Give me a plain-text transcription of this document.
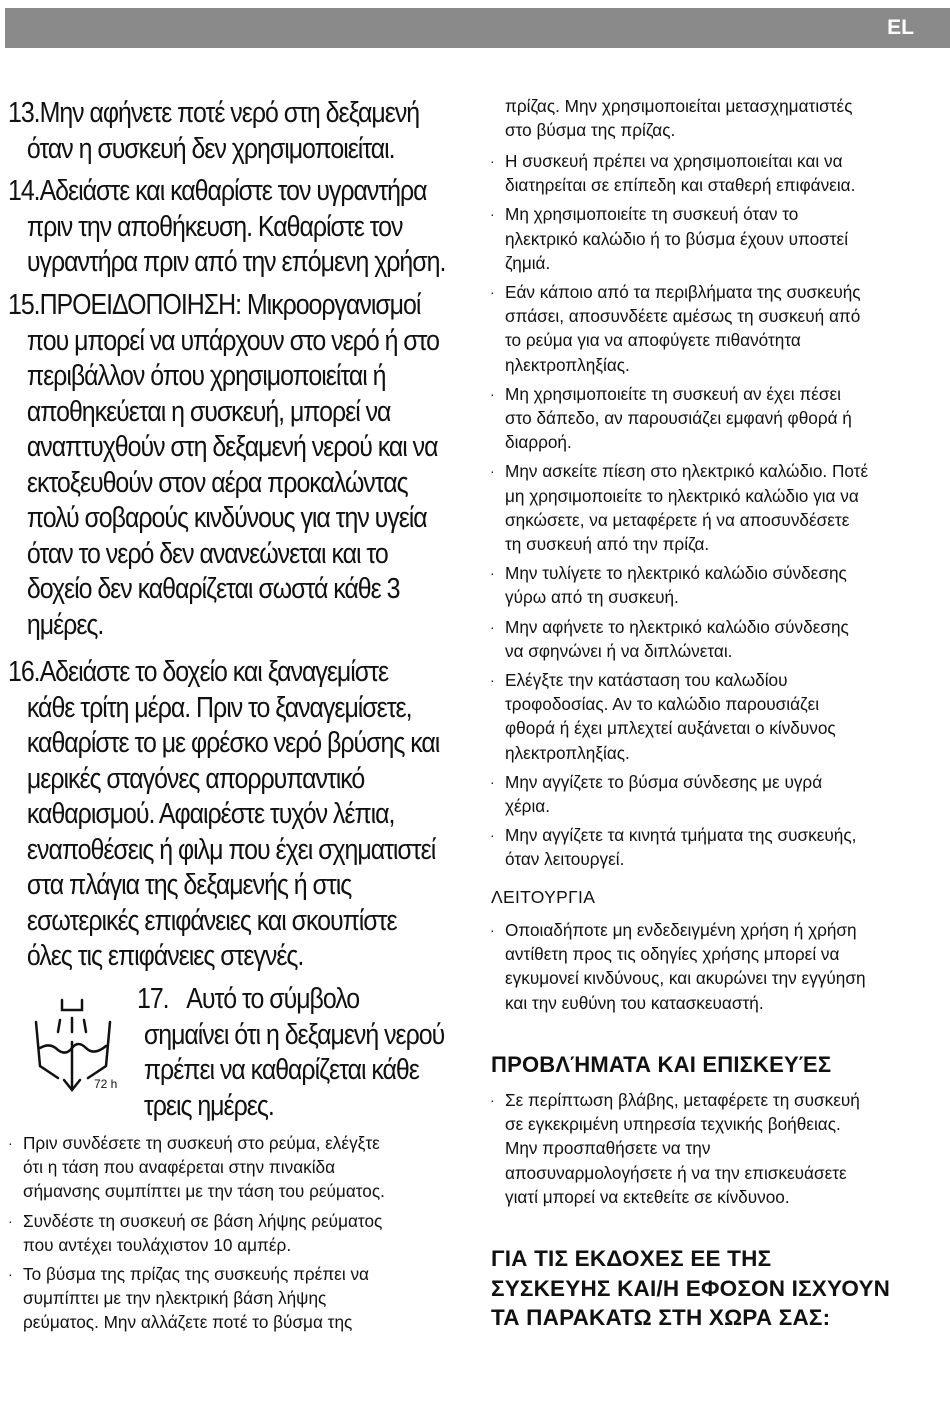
EL
13.Μην αφήνετε ποτέ νερό στη δεξαμενή
όταν η συσκευή δεν χρησιμοποιείται.
14.Αδειάστε και καθαρίστε τον υγραντήρα
πριν την αποθήκευση. Καθαρίστε τον
υγραντήρα πριν από την επόμενη χρήση.
15.ΠΡΟΕΙΔΟΠΟΙΗΣΗ: Μικροοργανισμοί
που μπορεί να υπάρχουν στο νερό ή στο
περιβάλλον όπου χρησιμοποιείται ή
αποθηκεύεται η συσκευή, μπορεί να
αναπτυχθούν στη δεξαμενή νερού και να
εκτοξευθούν στον αέρα προκαλώντας
πολύ σοβαρούς κινδύνους για την υγεία
όταν το νερό δεν ανανεώνεται και το
δοχείο δεν καθαρίζεται σωστά κάθε 3
ημέρες.
16.Αδειάστε το δοχείο και ξαναγεμίστε
κάθε τρίτη μέρα. Πριν το ξαναγεμίσετε,
καθαρίστε το με φρέσκο νερό βρύσης και
μερικές σταγόνες απορρυπαντικό
καθαρισμού. Αφαιρέστε τυχόν λέπια,
εναποθέσεις ή φιλμ που έχει σχηματιστεί
στα πλάγια της δεξαμενής ή στις
εσωτερικές επιφάνειες και σκουπίστε
όλες τις επιφάνειες στεγνές.
72 h
17. Αυτό το σύμβολο
σημαίνει ότι η δεξαμενή νερού
πρέπει να καθαρίζεται κάθε
τρεις ημέρες.
· Πριν συνδέσετε τη συσκευή στο ρεύμα, ελέγξτε
ότι η τάση που αναφέρεται στην πινακίδα
σήμανσης συμπίπτει με την τάση του ρεύματος.
· Συνδέστε τη συσκευή σε βάση λήψης ρεύματος
που αντέχει τουλάχιστον 10 αμπέρ.
· Το βύσμα της πρίζας της συσκευής πρέπει να
συμπίπτει με την ηλεκτρική βάση λήψης
ρεύματος. Μην αλλάζετε ποτέ το βύσμα της
πρίζας. Μην χρησιμοποιείται μετασχηματιστές
στο βύσμα της πρίζας.
· Η συσκευή πρέπει να χρησιμοποιείται και να
διατηρείται σε επίπεδη και σταθερή επιφάνεια.
· Μη χρησιμοποιείτε τη συσκευή όταν το
ηλεκτρικό καλώδιο ή το βύσμα έχουν υποστεί
ζημιά.
· Εάν κάποιο από τα περιβλήματα της συσκευής
σπάσει, αποσυνδέετε αμέσως τη συσκευή από
το ρεύμα για να αποφύγετε πιθανότητα
ηλεκτροπληξίας.
· Μη χρησιμοποιείτε τη συσκευή αν έχει πέσει
στο δάπεδο, αν παρουσιάζει εμφανή φθορά ή
διαρροή.
· Μην ασκείτε πίεση στο ηλεκτρικό καλώδιο. Ποτέ
μη χρησιμοποιείτε το ηλεκτρικό καλώδιο για να
σηκώσετε, να μεταφέρετε ή να αποσυνδέσετε
τη συσκευή από την πρίζα.
· Μην τυλίγετε το ηλεκτρικό καλώδιο σύνδεσης
γύρω από τη συσκευή.
· Μην αφήνετε το ηλεκτρικό καλώδιο σύνδεσης
να σφηνώνει ή να διπλώνεται.
· Ελέγξτε την κατάσταση του καλωδίου
τροφοδοσίας. Αν το καλώδιο παρουσιάζει
φθορά ή έχει μπλεχτεί αυξάνεται ο κίνδυνος
ηλεκτροπληξίας.
· Μην αγγίζετε το βύσμα σύνδεσης με υγρά
χέρια.
· Μην αγγίζετε τα κινητά τμήματα της συσκευής,
όταν λειτουργεί.
ΛΕΙΤΟΥΡΓΙΑ
· Οποιαδήποτε μη ενδεδειγμένη χρήση ή χρήση
αντίθετη προς τις οδηγίες χρήσης μπορεί να
εγκυμονεί κινδύνους, και ακυρώνει την εγγύηση
και την ευθύνη του κατασκευαστή.
ΠΡΟΒΛΉΜΑΤΑ ΚΑΙ ΕΠΙΣΚΕΥΈΣ
· Σε περίπτωση βλάβης, μεταφέρετε τη συσκευή
σε εγκεκριμένη υπηρεσία τεχνικής βοήθειας.
Μην προσπαθήσετε να την
αποσυναρμολογήσετε ή να την επισκευάσετε
γιατί μπορεί να εκτεθείτε σε κίνδυνοο.
ΓΙΑ ΤΙΣ ΕΚΔΟΧΕΣ ΕΕ ΤΗΣ
ΣΥΣΚΕΥΗΣ ΚΑΙ/Η ΕΦΟΣΟΝ ΙΣΧΥΟΥΝ
ΤΑ ΠΑΡΑΚΑΤΩ ΣΤΗ ΧΩΡΑ ΣΑΣ:
